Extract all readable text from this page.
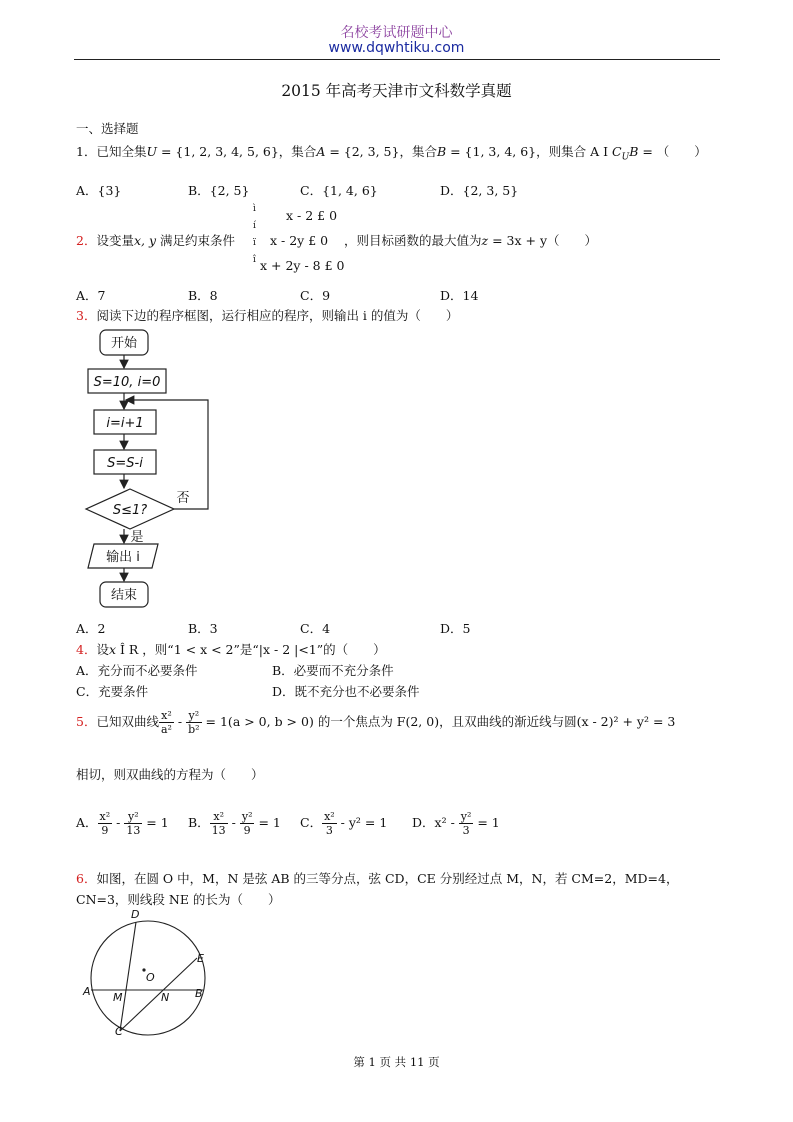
名校考试研题中心
www.dqwhtiku.com
2015 年高考天津市文科数学真题
一、选择题
1．已知全集U = {1, 2, 3, 4, 5, 6}，集合A = {2, 3, 5}，集合B = {1, 3, 4, 6}，则集合 A I $C_UB$ = （　　）
A．{3}	B．{2, 5}	C．{1, 4, 6}	D．{2, 3, 5}
2．设变量x, y 满足约束条件
ì
í
ï
î
x - 2 £ 0
x - 2y £ 0
x + 2y - 8 £ 0
，则目标函数的最大值为z = 3x + y（　　）
A．7	B．8	C．9	D．14
3．阅读下边的程序框图，运行相应的程序，则输出 i 的值为（　　）
开始
S=10, i=0
i=i+1
S=S-i
S≤1?
否
是
输出 i
结束
A．2	B．3	C．4	D．5
4．设x Î R ，则“1 < x < 2”是“|x - 2 |<1”的（　　）
A．充分而不必要条件	B．必要而不充分条件
C．充要条件	D．既不充分也不必要条件
5．已知双曲线 $\frac{\text{x²}}{\text{a²}} - \frac{\text{y²}}{\text{b²}} = 1(a > 0$, b > 0) 的一个焦点为 F(2, 0)，且双曲线的渐近线与圆(x - 2)² + y² = 3
相切，则双曲线的方程为（　　）
A． $\frac{\text{x²}}{9} - \frac{\text{y²}}{13} = 1$ B． $\frac{\text{x²}}{13} - \frac{\text{y²}}{9} = 1$ C． $\frac{\text{x²}}{3} - y^2 = 1$ D．$x^2 - \frac{\text{y²}}{3} = 1$
6．如图，在圆 O 中，M，N 是弦 AB 的三等分点，弦 CD，CE 分别经过点 M，N，若 CM=2，MD=4，
CN=3，则线段 NE 的长为（　　）
D
E
O
A M	N B
C
第 1 页 共 11 页
